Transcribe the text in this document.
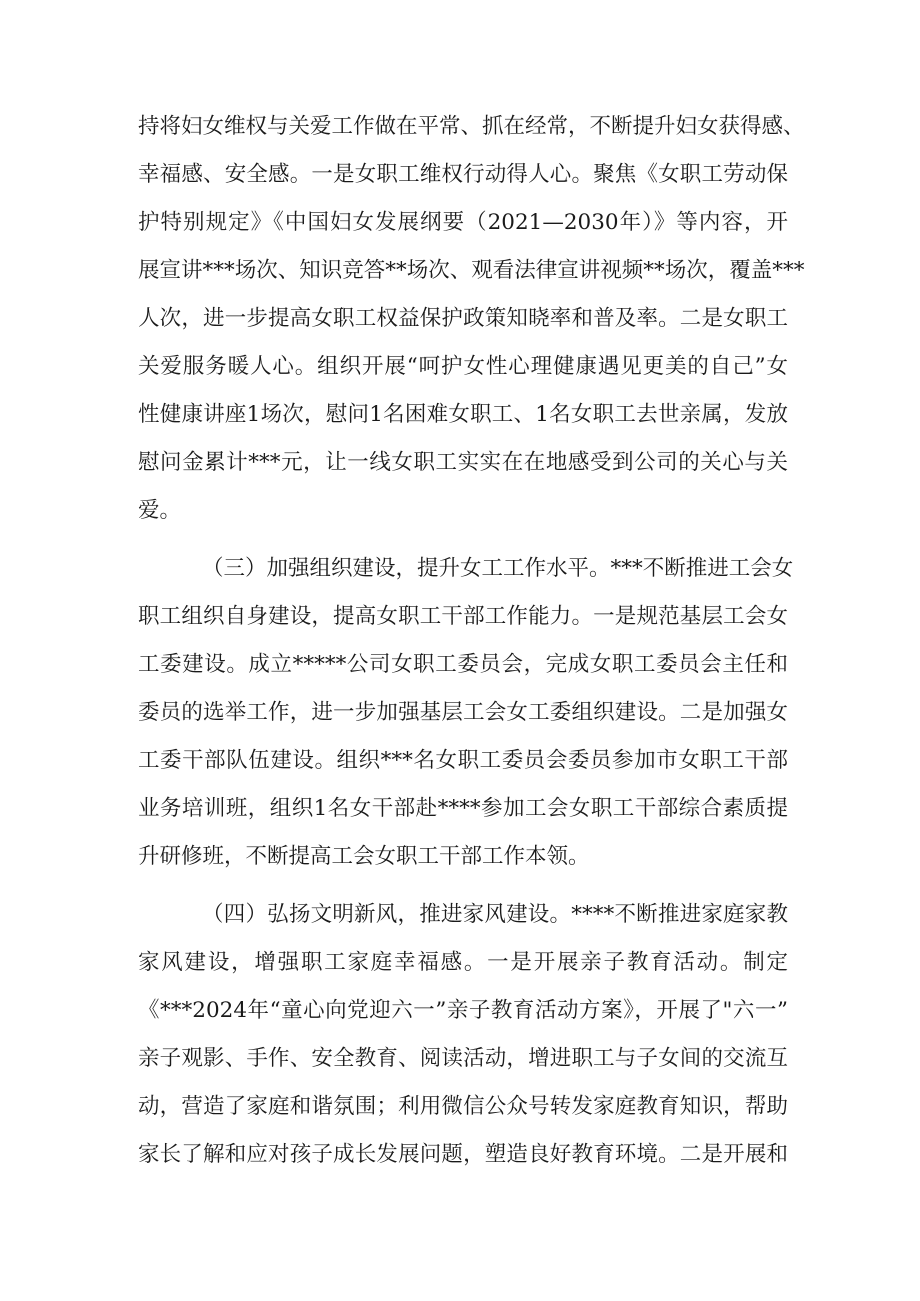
持将妇女维权与关爱工作做在平常、抓在经常，不断提升妇女获得感、
幸福感、安全感。一是女职工维权行动得人心。聚焦《女职工劳动保
护特别规定》《中国妇女发展纲要（2021—2030年）》等内容，开
展宣讲***场次、知识竞答**场次、观看法律宣讲视频**场次，覆盖***
人次，进一步提高女职工权益保护政策知晓率和普及率。二是女职工
关爱服务暖人心。组织开展“呵护女性心理健康遇见更美的自己”女
性健康讲座1场次，慰问1名困难女职工、1名女职工去世亲属，发放
慰问金累计***元，让一线女职工实实在在地感受到公司的关心与关
爱。
（三）加强组织建设，提升女工工作水平。***不断推进工会女
职工组织自身建设，提高女职工干部工作能力。一是规范基层工会女
工委建设。成立*****公司女职工委员会，完成女职工委员会主任和
委员的选举工作，进一步加强基层工会女工委组织建设。二是加强女
工委干部队伍建设。组织***名女职工委员会委员参加市女职工干部
业务培训班，组织1名女干部赴****参加工会女职工干部综合素质提
升研修班，不断提高工会女职工干部工作本领。
（四）弘扬文明新风，推进家风建设。****不断推进家庭家教
家风建设，增强职工家庭幸福感。一是开展亲子教育活动。制定
《***2024年“童心向党迎六一”亲子教育活动方案》，开展了"六一”
亲子观影、手作、安全教育、阅读活动，增进职工与子女间的交流互
动，营造了家庭和谐氛围；利用微信公众号转发家庭教育知识，帮助
家长了解和应对孩子成长发展问题，塑造良好教育环境。二是开展和
